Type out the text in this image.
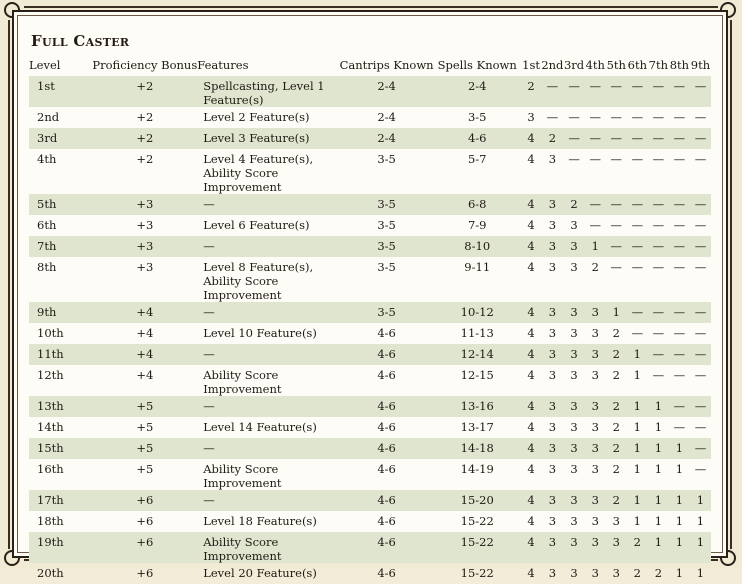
Full Caster
Level	Proficiency Bonus	Features	Cantrips Known	Spells Known	1st	2nd	3rd	4th	5th	6th	7th	8th	9th
1st	+2	Spellcasting, Level 1 Feature(s)	2-4	2-4	2	—	—	—	—	—	—	—	—
2nd	+2	Level 2 Feature(s)	2-4	3-5	3	—	—	—	—	—	—	—	—
3rd	+2	Level 3 Feature(s)	2-4	4-6	4	2	—	—	—	—	—	—	—
4th	+2	Level 4 Feature(s), Ability Score Improvement	3-5	5-7	4	3	—	—	—	—	—	—	—
5th	+3	—	3-5	6-8	4	3	2	—	—	—	—	—	—
6th	+3	Level 6 Feature(s)	3-5	7-9	4	3	3	—	—	—	—	—	—
7th	+3	—	3-5	8-10	4	3	3	1	—	—	—	—	—
8th	+3	Level 8 Feature(s), Ability Score Improvement	3-5	9-11	4	3	3	2	—	—	—	—	—
9th	+4	—	3-5	10-12	4	3	3	3	1	—	—	—	—
10th	+4	Level 10 Feature(s)	4-6	11-13	4	3	3	3	2	—	—	—	—
11th	+4	—	4-6	12-14	4	3	3	3	2	1	—	—	—
12th	+4	Ability Score Improvement	4-6	12-15	4	3	3	3	2	1	—	—	—
13th	+5	—	4-6	13-16	4	3	3	3	2	1	1	—	—
14th	+5	Level 14 Feature(s)	4-6	13-17	4	3	3	3	2	1	1	—	—
15th	+5	—	4-6	14-18	4	3	3	3	2	1	1	1	—
16th	+5	Ability Score Improvement	4-6	14-19	4	3	3	3	2	1	1	1	—
17th	+6	—	4-6	15-20	4	3	3	3	2	1	1	1	1
18th	+6	Level 18 Feature(s)	4-6	15-22	4	3	3	3	3	1	1	1	1
19th	+6	Ability Score Improvement	4-6	15-22	4	3	3	3	3	2	1	1	1
20th	+6	Level 20 Feature(s)	4-6	15-22	4	3	3	3	3	2	2	1	1
